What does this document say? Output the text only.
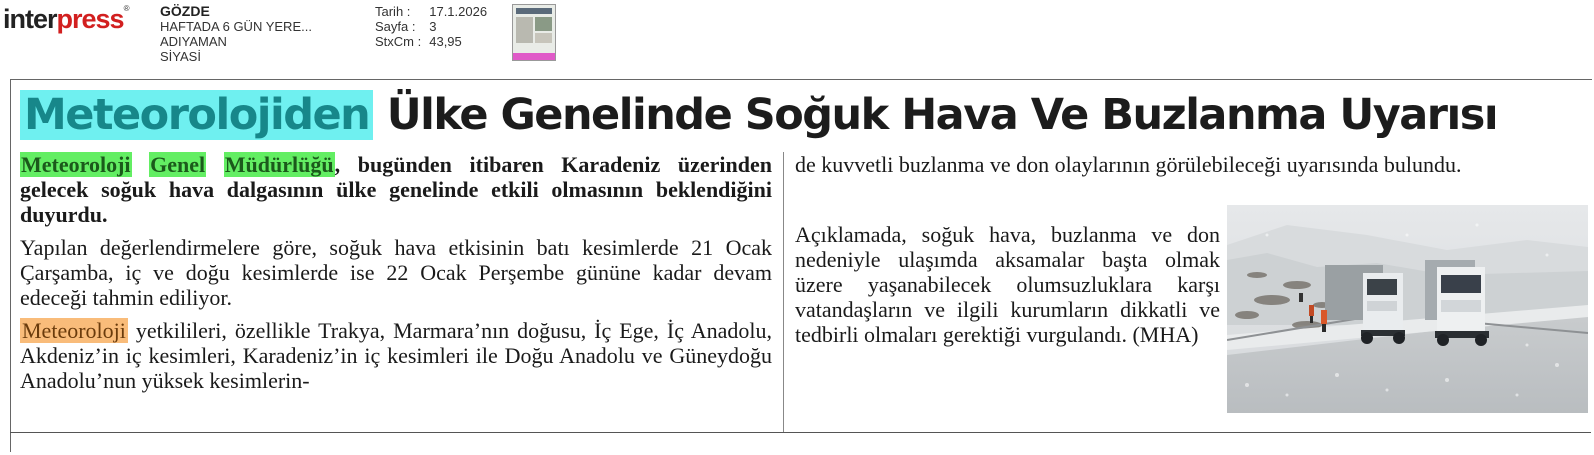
interpress® GÖZDE
HAFTADA 6 GÜN YERE...
ADIYAMAN
SİYASİ
Tarih :	17.1.2026
Sayfa :	3
StxCm :	43,95
Meteorolojiden Ülke Genelinde Soğuk Hava Ve Buzlanma Uyarısı

Meteoroloji Genel Müdürlüğü, bugünden itibaren Karadeniz üzerinden gelecek soğuk hava dalgasının ülke genelinde etkili olmasının beklendiğini duyurdu.

Yapılan değerlendirmelere göre, soğuk hava etkisinin batı kesimlerde 21 Ocak Çarşamba, iç ve doğu kesimlerde ise 22 Ocak Perşembe gününe kadar devam edeceği tahmin ediliyor.

Meteoroloji yetkilileri, özellikle Trakya, Marmara’nın doğusu, İç Ege, İç Anadolu, Akdeniz’in iç kesimleri, Karadeniz’in iç kesimleri ile Doğu Anadolu ve Güneydoğu Anadolu’nun yüksek kesimlerin-

de kuvvetli buzlanma ve don olaylarının görülebileceği uyarısında bulundu.

Açıklamada, soğuk hava, buzlanma ve don nedeniyle ulaşımda aksamalar başta olmak üzere yaşanabilecek olumsuzluklara karşı vatandaşların ve ilgili kurumların dikkatli ve tedbirli olmaları gerektiği vurgulandı. (MHA)
